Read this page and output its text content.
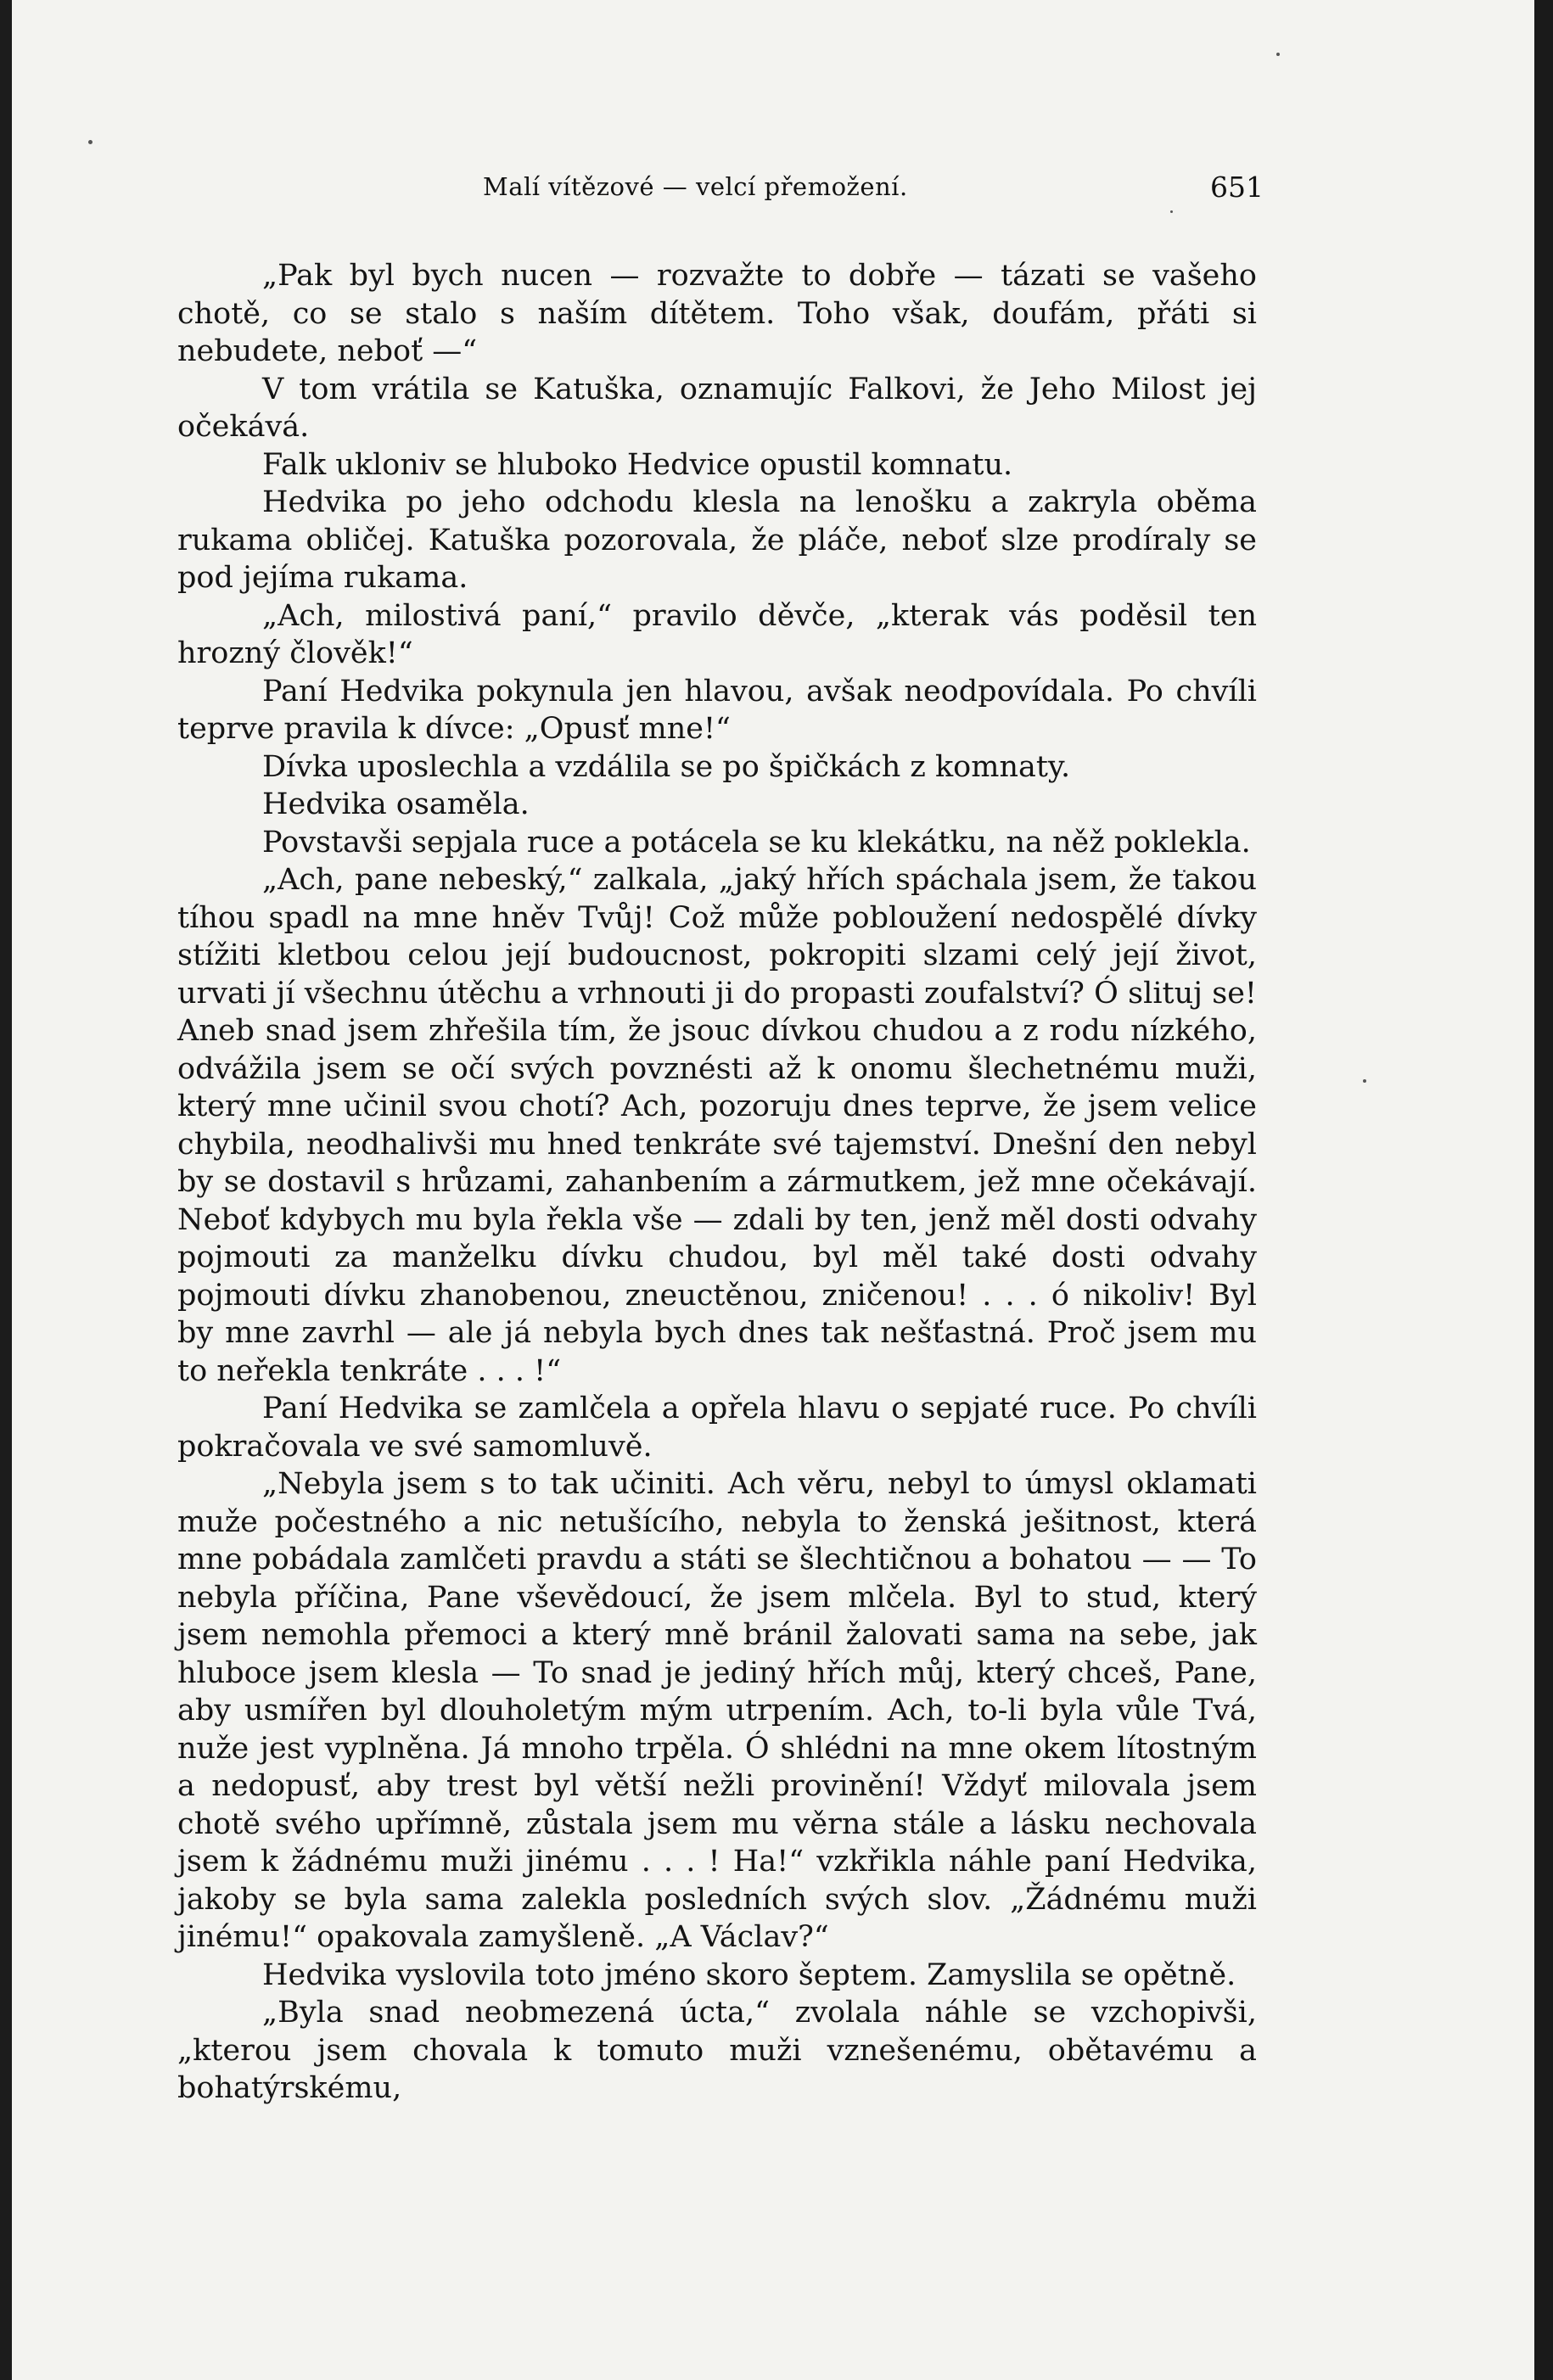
Malí vítězové — velcí přemožení.	651

„Pak byl bych nucen — rozvažte to dobře — tázati se vašeho chotě, co se stalo s naším dítětem. Toho však, doufám, přáti si nebudete, neboť —“

V tom vrátila se Katuška, oznamujíc Falkovi, že Jeho Milost jej očekává.

Falk ukloniv se hluboko Hedvice opustil komnatu.

Hedvika po jeho odchodu klesla na lenošku a zakryla oběma rukama obličej. Katuška pozorovala, že pláče, neboť slze prodíraly se pod jejíma rukama.

„Ach, milostivá paní,“ pravilo děvče, „kterak vás poděsil ten hrozný člověk!“

Paní Hedvika pokynula jen hlavou, avšak neodpovídala. Po chvíli teprve pravila k dívce: „Opusť mne!“

Dívka uposlechla a vzdálila se po špičkách z komnaty.

Hedvika osaměla.

Povstavši sepjala ruce a potácela se ku klekátku, na něž poklekla.

„Ach, pane nebeský,“ zalkala, „jaký hřích spáchala jsem, že takou tíhou spadl na mne hněv Tvůj! Což může pobloužení nedospělé dívky stížiti kletbou celou její budoucnost, pokropiti slzami celý její život, urvati jí všechnu útěchu a vrhnouti ji do propasti zoufalství? Ó slituj se! Aneb snad jsem zhřešila tím, že jsouc dívkou chudou a z rodu nízkého, odvážila jsem se očí svých povznésti až k onomu šlechetnému muži, který mne učinil svou chotí? Ach, pozoruju dnes teprve, že jsem velice chybila, neodhalivši mu hned tenkráte své tajemství. Dnešní den nebyl by se dostavil s hrůzami, zahanbením a zármutkem, jež mne očekávají. Neboť kdybych mu byla řekla vše — zdali by ten, jenž měl dosti odvahy pojmouti za manželku dívku chudou, byl měl také dosti odvahy pojmouti dívku zhanobenou, zneuctěnou, zničenou! . . . ó nikoliv! Byl by mne zavrhl — ale já nebyla bych dnes tak nešťastná. Proč jsem mu to neřekla tenkráte . . . !“

Paní Hedvika se zamlčela a opřela hlavu o sepjaté ruce. Po chvíli pokračovala ve své samomluvě.

„Nebyla jsem s to tak učiniti. Ach věru, nebyl to úmysl oklamati muže počestného a nic netušícího, nebyla to ženská ješitnost, která mne pobádala zamlčeti pravdu a státi se šlechtičnou a bohatou — — To nebyla příčina, Pane vševědoucí, že jsem mlčela. Byl to stud, který jsem nemohla přemoci a který mně bránil žalovati sama na sebe, jak hluboce jsem klesla — To snad je jediný hřích můj, který chceš, Pane, aby usmířen byl dlouholetým mým utrpením. Ach, to-li byla vůle Tvá, nuže jest vyplněna. Já mnoho trpěla. Ó shlédni na mne okem lítostným a nedopusť, aby trest byl větší nežli provinění! Vždyť milovala jsem chotě svého upřímně, zůstala jsem mu věrna stále a lásku nechovala jsem k žádnému muži jinému . . . ! Ha!“ vzkřikla náhle paní Hedvika, jakoby se byla sama zalekla posledních svých slov. „Žádnému muži jinému!“ opakovala zamyšleně. „A Václav?“

Hedvika vyslovila toto jméno skoro šeptem. Zamyslila se opětně.

„Byla snad neobmezená úcta,“ zvolala náhle se vzchopivši, „kterou jsem chovala k tomuto muži vznešenému, obětavému a bohatýrskému,
